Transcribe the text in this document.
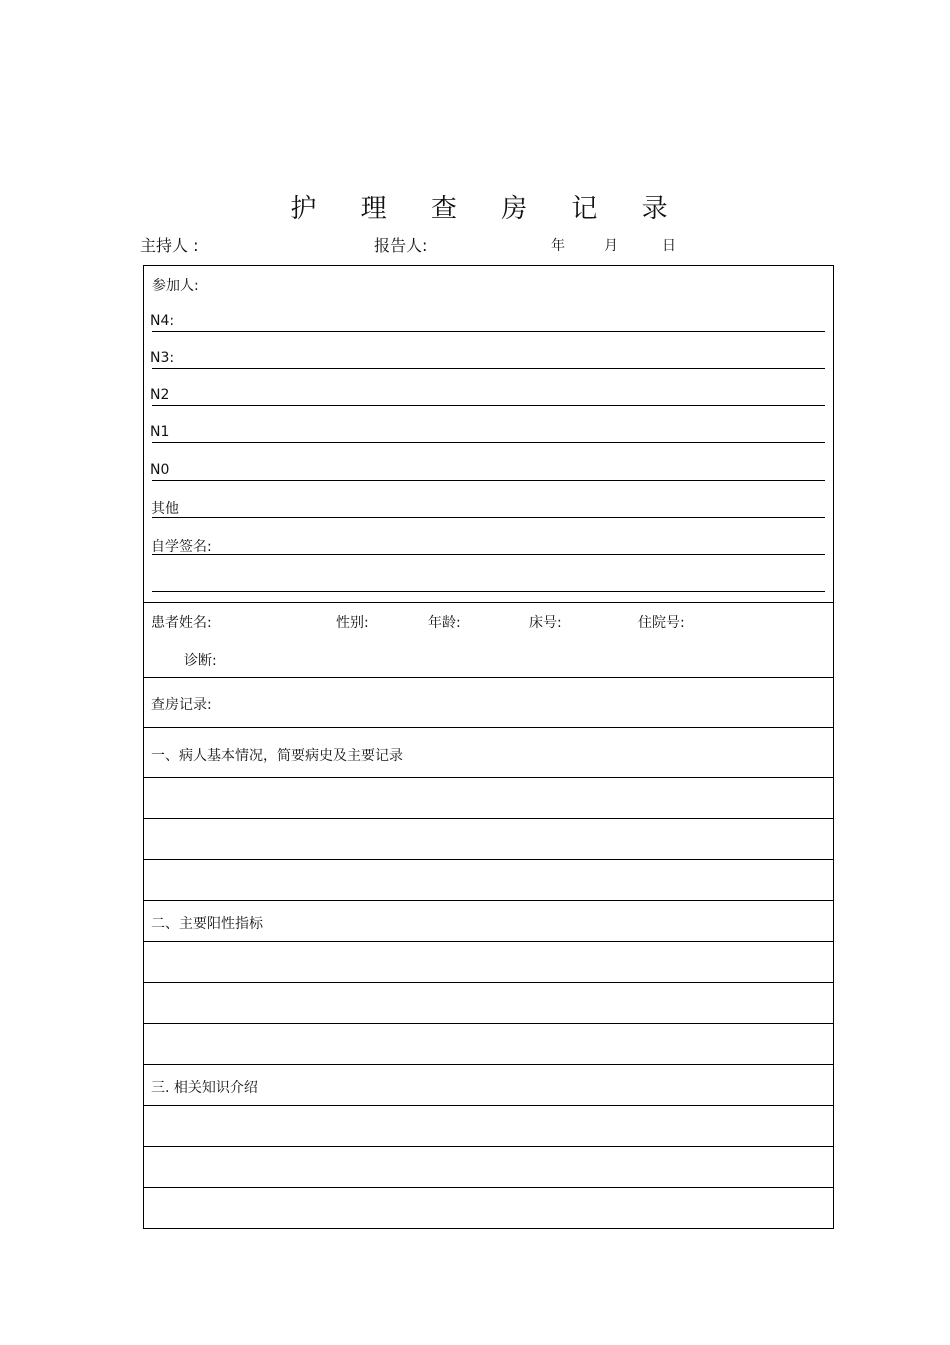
护 理 查 房 记 录
主持人 :	报告人:	年	月	日
参加人:
N4:
N3:
N2
N1
N0
其他
自学签名:
患者姓名:	性别:	年龄:	床号:	住院号:
诊断:
查房记录:
一、病人基本情况，简要病史及主要记录
二、主要阳性指标
三. 相关知识介绍
